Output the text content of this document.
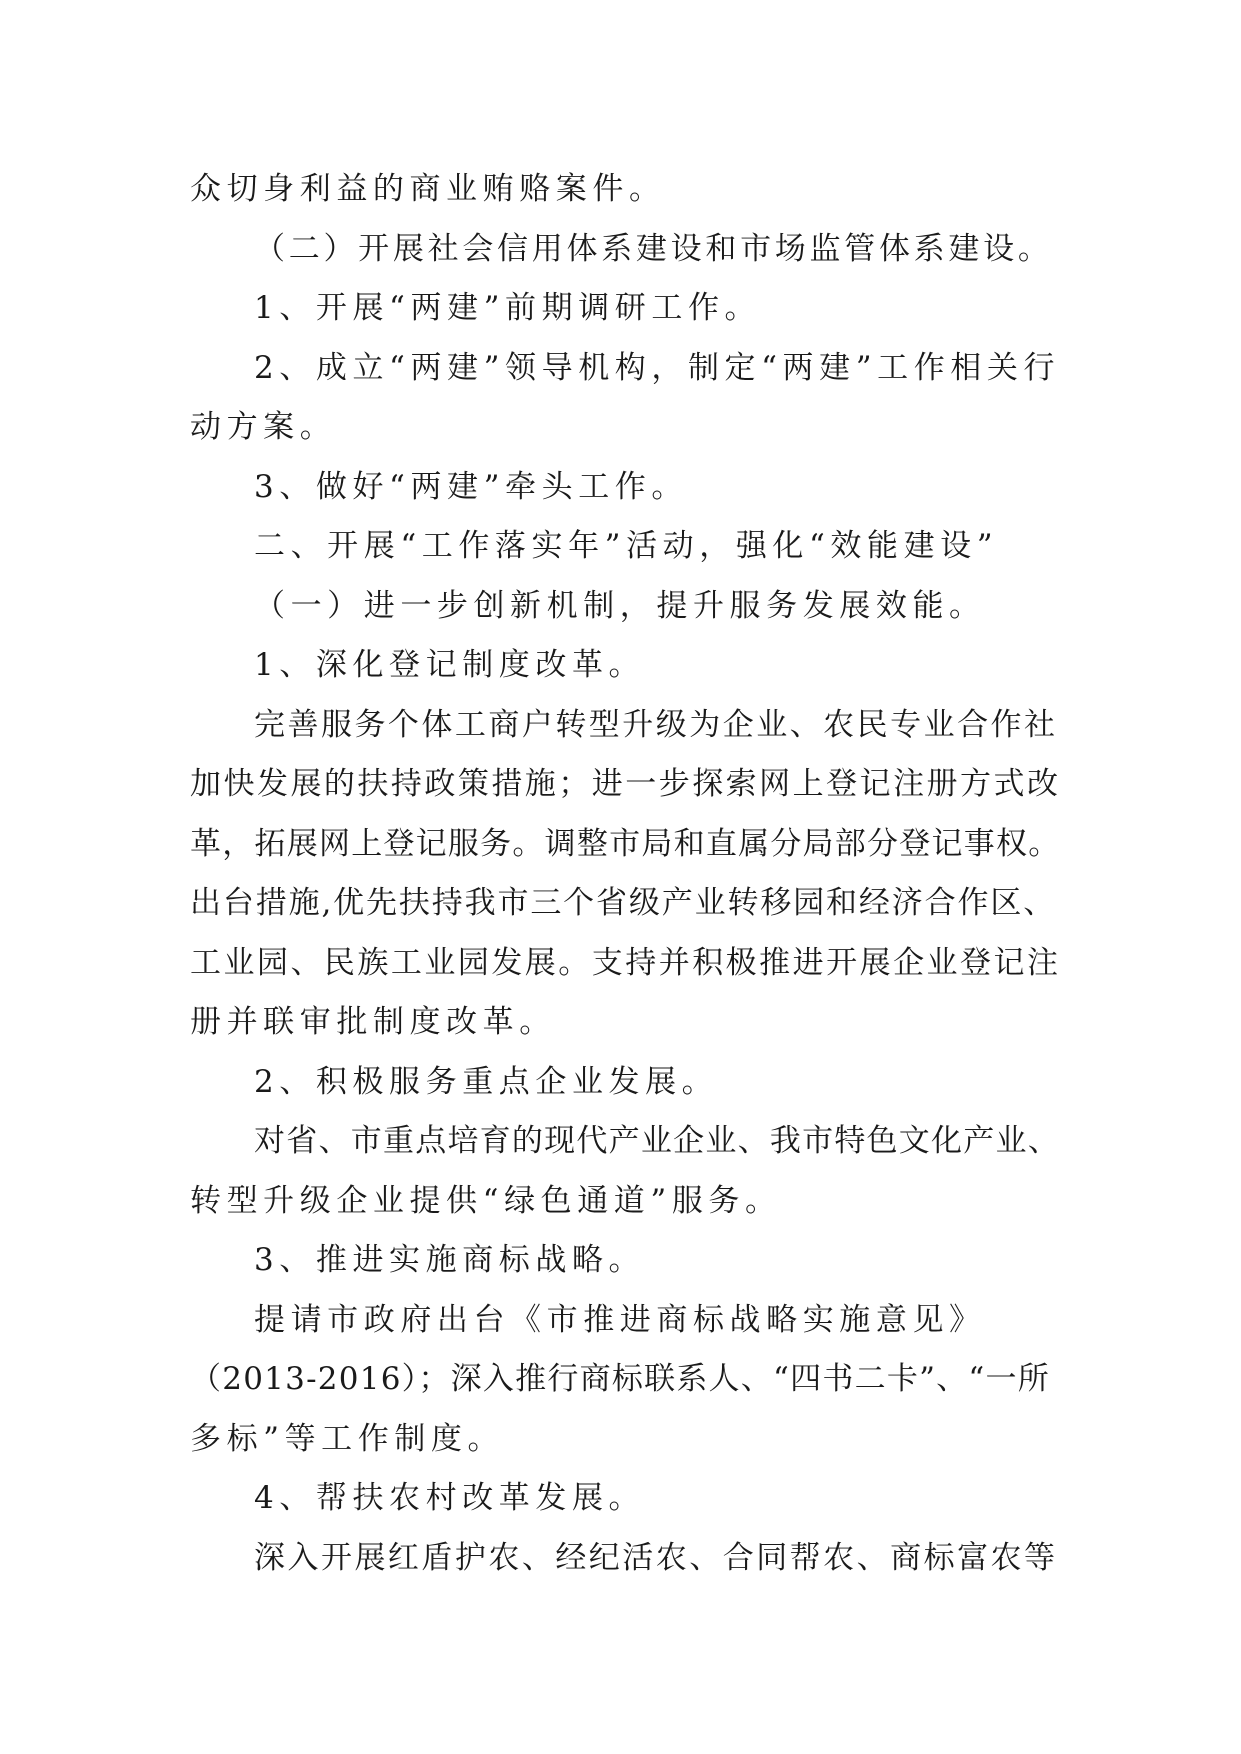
众切身利益的商业贿赂案件。
（二）开展社会信用体系建设和市场监管体系建设。
1、开展“两建”前期调研工作。
2、成立“两建”领导机构，制定“两建”工作相关行
动方案。
3、做好“两建”牵头工作。
二、开展“工作落实年”活动，强化“效能建设”
（一）进一步创新机制，提升服务发展效能。
1、深化登记制度改革。
完善服务个体工商户转型升级为企业、农民专业合作社
加快发展的扶持政策措施；进一步探索网上登记注册方式改
革，拓展网上登记服务。调整市局和直属分局部分登记事权。
出台措施,优先扶持我市三个省级产业转移园和经济合作区、
工业园、民族工业园发展。支持并积极推进开展企业登记注
册并联审批制度改革。
2、积极服务重点企业发展。
对省、市重点培育的现代产业企业、我市特色文化产业、
转型升级企业提供“绿色通道”服务。
3、推进实施商标战略。
提请市政府出台《市推进商标战略实施意见》
（2013-2016）；深入推行商标联系人、“四书二卡”、“一所
多标”等工作制度。
4、帮扶农村改革发展。
深入开展红盾护农、经纪活农、合同帮农、商标富农等
